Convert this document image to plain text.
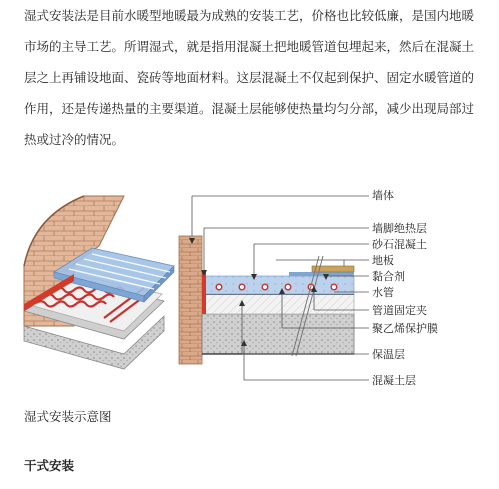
湿式安装法是目前水暖型地暖最为成熟的安装工艺，价格也比较低廉，是国内地暖
市场的主导工艺。所谓湿式，就是指用混凝土把地暖管道包埋起来，然后在混凝土
层之上再铺设地面、瓷砖等地面材料。这层混凝土不仅起到保护、固定水暖管道的
作用，还是传递热量的主要渠道。混凝土层能够使热量均匀分部，减少出现局部过
热或过冷的情况。
墙体
墙脚绝热层
砂石混凝土
地板
黏合剂
水管
管道固定夹
聚乙烯保护膜
保温层
混凝土层
湿式安装示意图
干式安装
